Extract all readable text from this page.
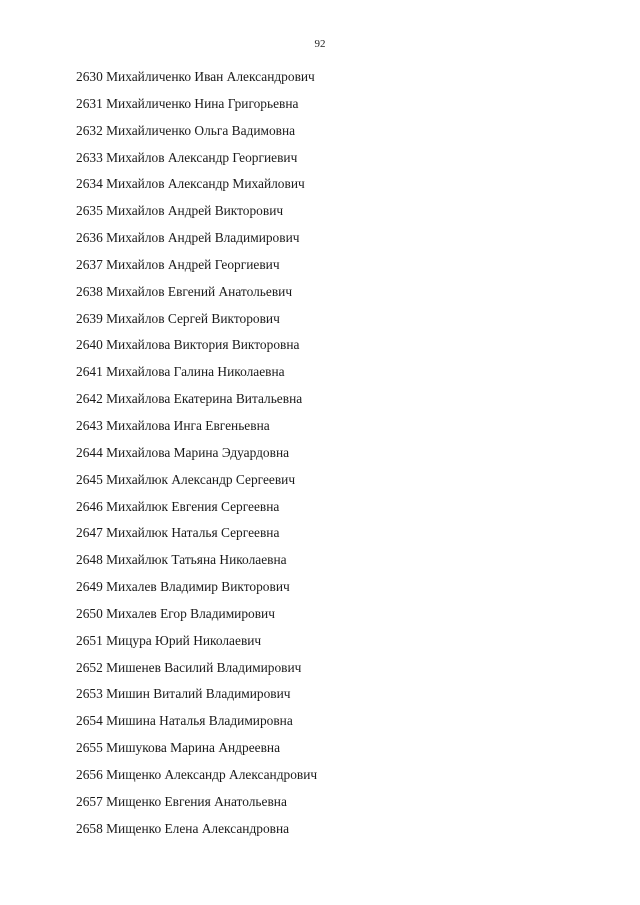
92
2630 Михайличенко Иван Александрович
2631 Михайличенко Нина Григорьевна
2632 Михайличенко Ольга Вадимовна
2633 Михайлов Александр Георгиевич
2634 Михайлов Александр Михайлович
2635 Михайлов Андрей Викторович
2636 Михайлов Андрей Владимирович
2637 Михайлов Андрей Георгиевич
2638 Михайлов Евгений Анатольевич
2639 Михайлов Сергей Викторович
2640 Михайлова Виктория Викторовна
2641 Михайлова Галина Николаевна
2642 Михайлова Екатерина Витальевна
2643 Михайлова Инга Евгеньевна
2644 Михайлова Марина Эдуардовна
2645 Михайлюк Александр Сергеевич
2646 Михайлюк Евгения Сергеевна
2647 Михайлюк Наталья Сергеевна
2648 Михайлюк Татьяна Николаевна
2649 Михалев Владимир Викторович
2650 Михалев Егор Владимирович
2651 Мицура Юрий Николаевич
2652 Мишенев Василий Владимирович
2653 Мишин Виталий Владимирович
2654 Мишина Наталья Владимировна
2655 Мишукова Марина Андреевна
2656 Мищенко Александр Александрович
2657 Мищенко Евгения Анатольевна
2658 Мищенко Елена Александровна
